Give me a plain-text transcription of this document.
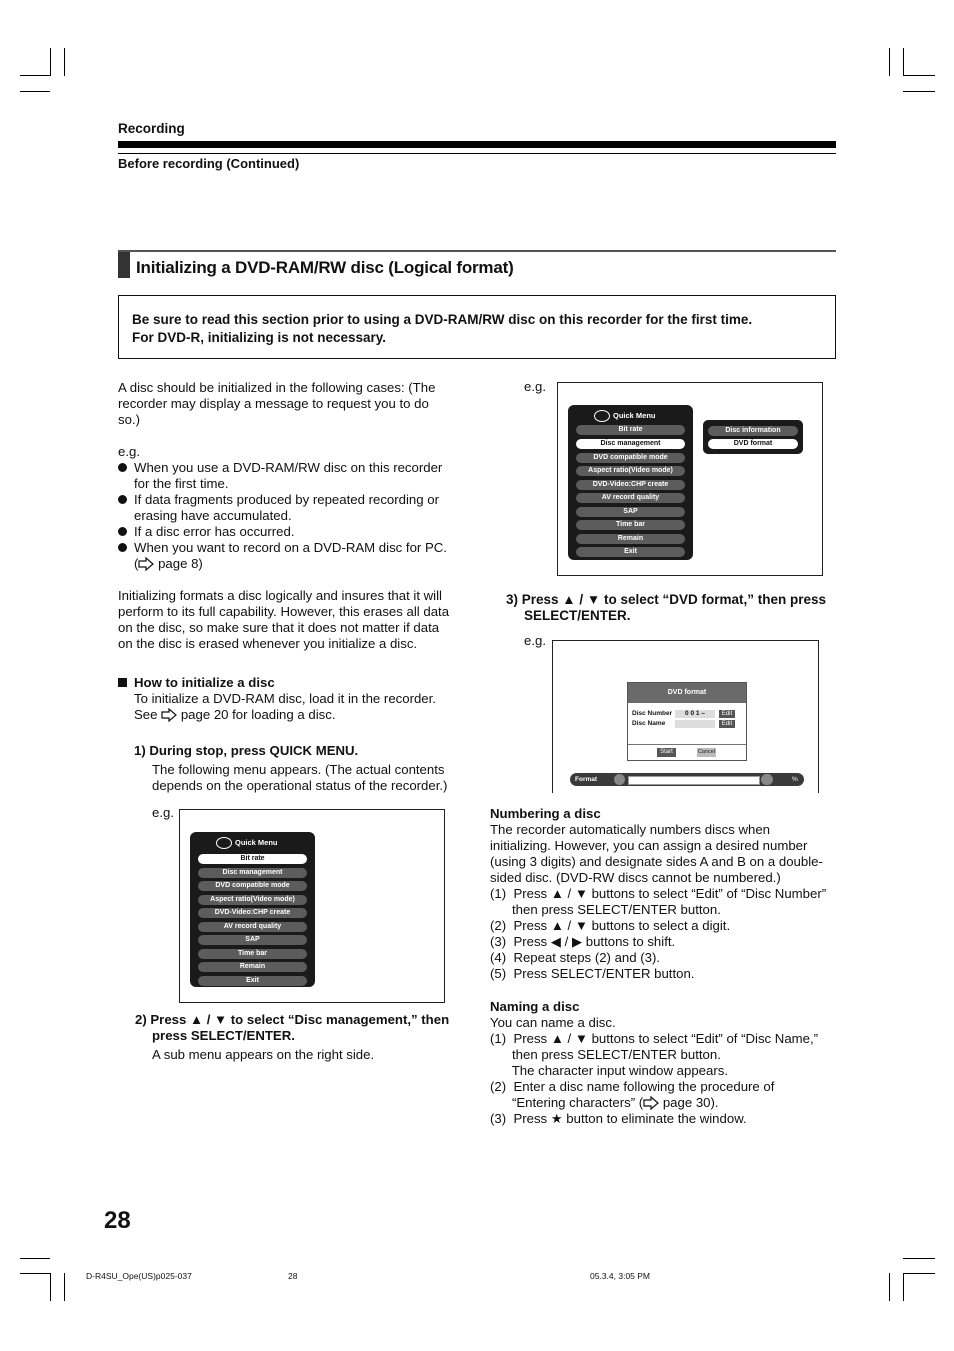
Recording
Before recording (Continued)
Initializing a DVD-RAM/RW disc (Logical format)
Be sure to read this section prior to using a DVD-RAM/RW disc on this recorder for the first time.
For DVD-R, initializing is not necessary.
A disc should be initialized in the following cases: (The
recorder may display a message to request you to do
so.)
e.g.
When you use a DVD-RAM/RW disc on this recorder
for the first time.
If data fragments produced by repeated recording or
erasing have accumulated.
If a disc error has occurred.
When you want to record on a DVD-RAM disc for PC.
( page 8)
Initializing formats a disc logically and insures that it will
perform to its full capability. However, this erases all data
on the disc, so make sure that it does not matter if data
on the disc is erased whenever you initialize a disc.
How to initialize a disc
To initialize a DVD-RAM disc, load it in the recorder.
See page 20 for loading a disc.
1) During stop, press QUICK MENU.
The following menu appears. (The actual contents
depends on the operational status of the recorder.)
e.g.
Quick Menu
Bit rate
Disc management
DVD compatible mode
Aspect ratio(Video mode)
DVD-Video:CHP create
AV record quality
SAP
Time bar
Remain
Exit
2) Press ▲ / ▼ to select “Disc management,” then
press SELECT/ENTER.
A sub menu appears on the right side.
e.g.
Quick Menu
Bit rate
Disc management
DVD compatible mode
Aspect ratio(Video mode)
DVD-Video:CHP create
AV record quality
SAP
Time bar
Remain
Exit
Disc information
DVD format
3) Press ▲ / ▼ to select “DVD format,” then press
SELECT/ENTER.
e.g.
DVD format
Disc Number	0 0 1 –	Edit
Disc Name	Edit
Start	Cancel
Format	%
Numbering a disc
The recorder automatically numbers discs when
initializing. However, you can assign a desired number
(using 3 digits) and designate sides A and B on a double-
sided disc. (DVD-RW discs cannot be numbered.)
(1)  Press ▲ / ▼ buttons to select “Edit” of “Disc Number”
then press SELECT/ENTER button.
(2)  Press ▲ / ▼ buttons to select a digit.
(3)  Press ◀ / ▶ buttons to shift.
(4)  Repeat steps (2) and (3).
(5)  Press SELECT/ENTER button.
Naming a disc
You can name a disc.
(1)  Press ▲ / ▼ buttons to select “Edit” of “Disc Name,”
then press SELECT/ENTER button.
The character input window appears.
(2)  Enter a disc name following the procedure of
“Entering characters” ( page 30).
(3)  Press ★ button to eliminate the window.
28
D-R4SU_Ope(US)p025-037	28	05.3.4, 3:05 PM
